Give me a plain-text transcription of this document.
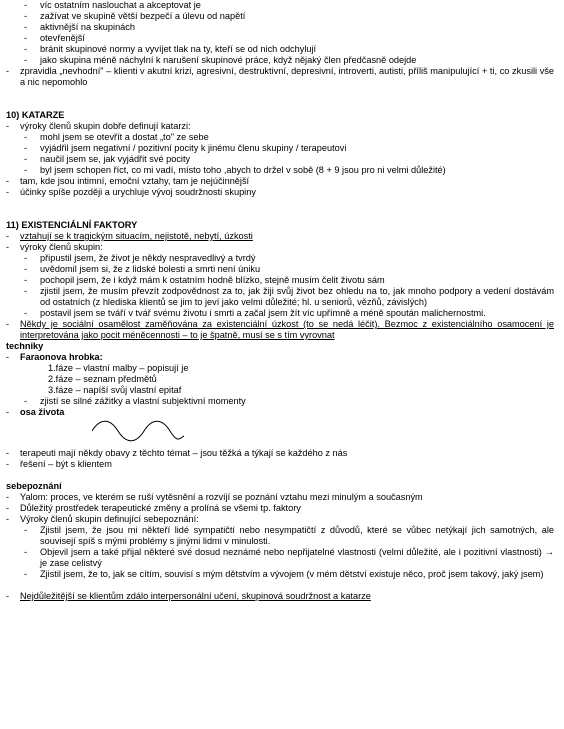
- víc ostatním naslouchat a akceptovat je
- zažívat ve skupině větší bezpečí a úlevu od napětí
- aktivnější na skupinách
- otevřenější
- bránit skupinové normy a vyvíjet tlak na ty, kteří se od nich odchylují
- jako skupina méně náchylní k narušení skupinové práce, když nějaký člen předčasně odejde
- zpravidla „nevhodní" – klienti v akutní krizi, agresivní, destruktivní, depresivní, introverti, autisti, příliš manipulující + ti, co zkusili vše a nic nepomohlo
10) KATARZE
- výroky členů skupin dobře definují katarzi:
- mohl jsem se otevřít a dostat „to" ze sebe
- vyjádřil jsem negativní / pozitivní pocity k jinému členu skupiny / terapeutovi
- naučil jsem se, jak vyjádřit své pocity
- byl jsem schopen říct, co mi vadí, místo toho ,abych to držel v sobě (8 + 9 jsou pro ni velmi důležité)
- tam, kde jsou intimní, emoční vztahy, tam je nejúčinnější
- účinky spíše později a urychluje vývoj soudržnosti skupiny
11) EXISTENCIÁLNÍ FAKTORY
- vztahují se k tragickým situacím, nejistotě, nebytí, úzkosti
- výroky členů skupin:
- připustil jsem, že život je někdy nespravedlivý a tvrdý
- uvědomil jsem si, že z lidské bolesti a smrti není úniku
- pochopil jsem, že i když mám k ostatním hodně blízko, stejně musím čelit životu sám
- zjistil jsem, že musím převzít zodpovědnost za to, jak žiji svůj život bez ohledu na to, jak mnoho podpory a vedení dostávám od ostatních (z hlediska klientů se jim to jeví jako velmi důležité; hl. u seniorů, vězňů, závislých)
- postavil jsem se tváří v tvář svému životu i smrti a začal jsem žít víc upřímně a méně spoután malichernostmi.
- Někdy je sociální osamělost zaměňována za existenciální úzkost (to se nedá léčit). Bezmoc z existenciálního osamocení je interpretována jako pocit méněcennosti – to je špatně, musí se s tím vyrovnat
techniky
- Faraonova hrobka:
1.fáze – vlastní malby – popisují je
2.fáze – seznam předmětů
3.fáze – napíší svůj vlastní epitaf
- zjistí se silné zážitky a vlastní subjektivní momenty
- osa života
- terapeuti mají někdy obavy z těchto témat – jsou těžká a týkají se každého z nás
- řešení – být s klientem
sebepoznání
- Yalom: proces, ve kterém se ruší vytěsnění a rozvíjí se poznání vztahu mezi minulým a současným
- Důležitý prostředek terapeutické změny a prolíná se všemi tp. faktory
- Výroky členů skupin definující sebepoznání:
- Zjistil jsem, že jsou mi někteří lidé sympatičtí nebo nesympatičtí z důvodů, které se vůbec netýkají jich samotných, ale souvisejí spíš s mými problémy s jinými lidmi v minulosti.
- Objevil jsem a také přijal některé své dosud neznámé nebo nepřijatelné vlastnosti (velmi důležité, ale i pozitivní vlastnosti) → je zase celistvý
- Zjistil jsem, že to, jak se cítím, souvisí s mým dětstvím a vývojem (v mém dětství existuje něco, proč jsem takový, jaký jsem)
- Nejdůležitější se klientům zdálo interpersonální učení, skupinová soudržnost a katarze
